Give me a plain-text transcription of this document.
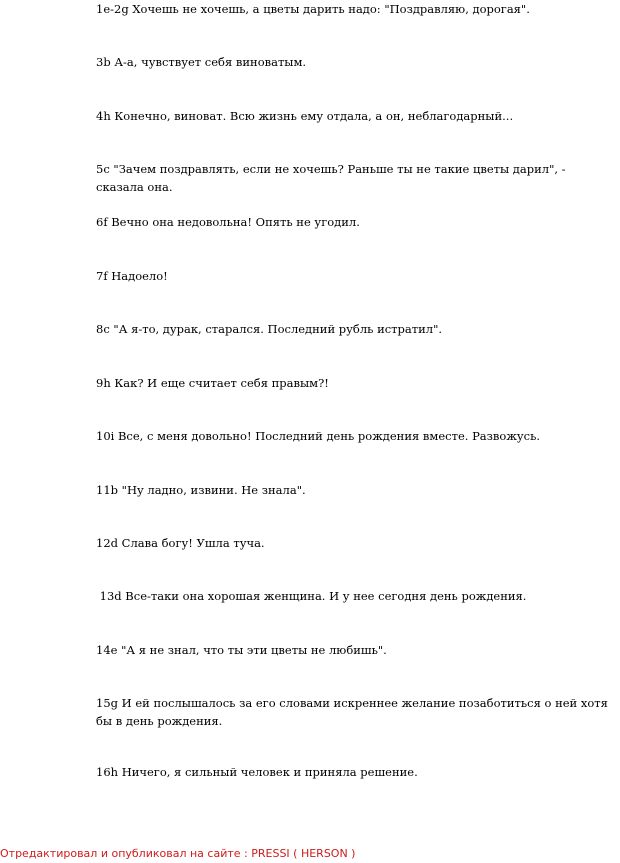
1e-2g Хочешь не хочешь, а цветы дарить надо: "Поздравляю, дорогая".

3b А-а, чувствует себя виноватым.

4h Конечно, виноват. Всю жизнь ему отдала, а он, неблагодарный...

5c "Зачем поздравлять, если не хочешь? Раньше ты не такие цветы дарил", - сказала она.

6f Вечно она недовольна! Опять не угодил.

7f Надоело!

8c "А я-то, дурак, старался. Последний рубль истратил".

9h Как? И еще считает себя правым?!

10i Все, с меня довольно! Последний день рождения вместе. Развожусь.

11b "Ну ладно, извини. Не знала".

12d Слава богу! Ушла туча.

13d Все-таки она хорошая женщина. И у нее сегодня день рождения.

14e "А я не знал, что ты эти цветы не любишь".

15g И ей послышалось за его словами искреннее желание позаботиться о ней хотя бы в день рождения.

16h Ничего, я сильный человек и приняла решение.

Отредактировал и опубликовал на сайте : PRESSI ( HERSON )
